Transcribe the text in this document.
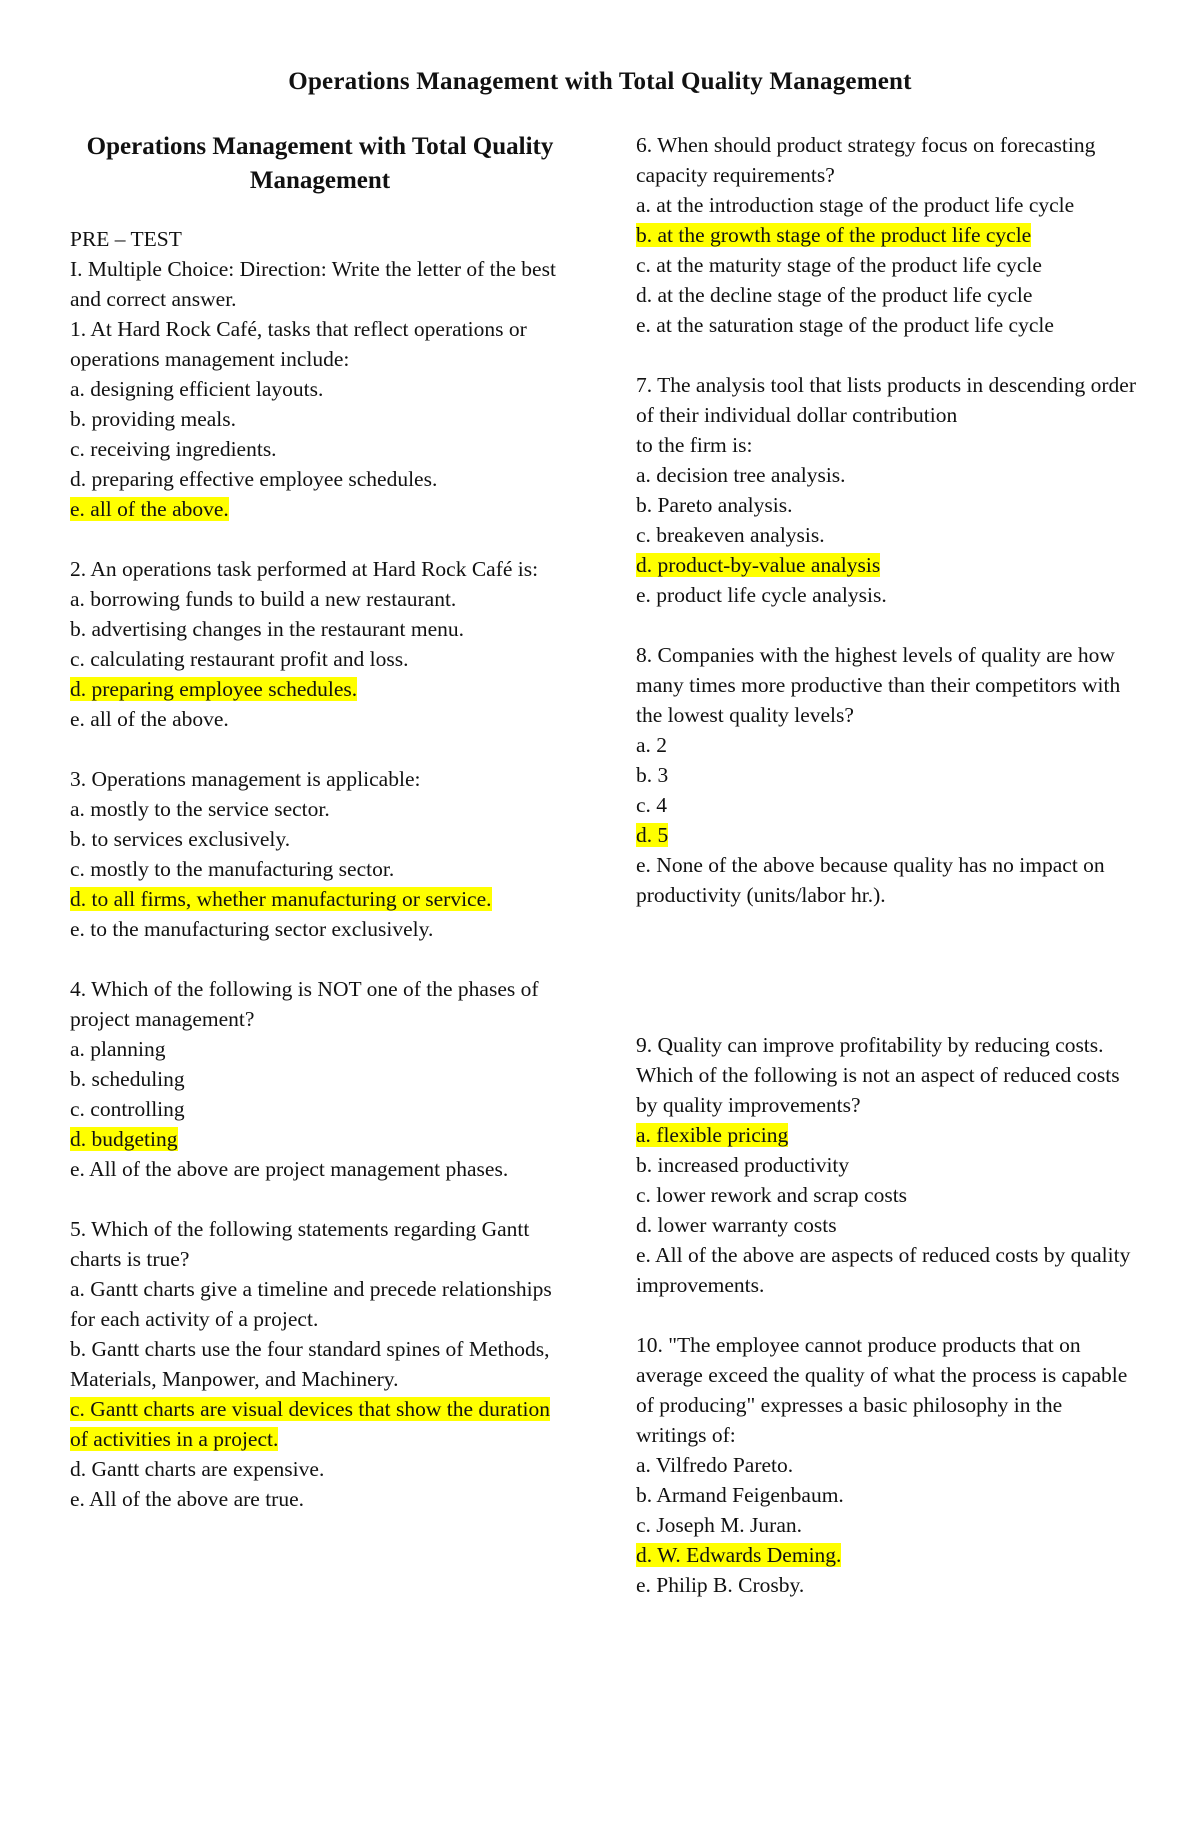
Operations Management with Total Quality Management
Operations Management with Total Quality Management
PRE – TEST
I. Multiple Choice: Direction: Write the letter of the best and correct answer.
1. At Hard Rock Café, tasks that reflect operations or operations management include:
a. designing efficient layouts.
b. providing meals.
c. receiving ingredients.
d. preparing effective employee schedules.
e. all of the above.
2. An operations task performed at Hard Rock Café is:
a. borrowing funds to build a new restaurant.
b. advertising changes in the restaurant menu.
c. calculating restaurant profit and loss.
d. preparing employee schedules.
e. all of the above.
3. Operations management is applicable:
a. mostly to the service sector.
b. to services exclusively.
c. mostly to the manufacturing sector.
d. to all firms, whether manufacturing or service.
e. to the manufacturing sector exclusively.
4. Which of the following is NOT one of the phases of project management?
a. planning
b. scheduling
c. controlling
d. budgeting
e. All of the above are project management phases.
5. Which of the following statements regarding Gantt charts is true?
a. Gantt charts give a timeline and precede relationships for each activity of a project.
b. Gantt charts use the four standard spines of Methods, Materials, Manpower, and Machinery.
c. Gantt charts are visual devices that show the duration of activities in a project.
d. Gantt charts are expensive.
e. All of the above are true.
6. When should product strategy focus on forecasting capacity requirements?
a. at the introduction stage of the product life cycle
b. at the growth stage of the product life cycle
c. at the maturity stage of the product life cycle
d. at the decline stage of the product life cycle
e. at the saturation stage of the product life cycle
7. The analysis tool that lists products in descending order of their individual dollar contribution
to the firm is:
a. decision tree analysis.
b. Pareto analysis.
c. breakeven analysis.
d. product-by-value analysis
e. product life cycle analysis.
8. Companies with the highest levels of quality are how many times more productive than their competitors with the lowest quality levels?
a. 2
b. 3
c. 4
d. 5
e. None of the above because quality has no impact on productivity (units/labor hr.).
9. Quality can improve profitability by reducing costs. Which of the following is not an aspect of reduced costs by quality improvements?
a. flexible pricing
b. increased productivity
c. lower rework and scrap costs
d. lower warranty costs
e. All of the above are aspects of reduced costs by quality improvements.
10. "The employee cannot produce products that on average exceed the quality of what the process is capable of producing" expresses a basic philosophy in the writings of:
a. Vilfredo Pareto.
b. Armand Feigenbaum.
c. Joseph M. Juran.
d. W. Edwards Deming.
e. Philip B. Crosby.
